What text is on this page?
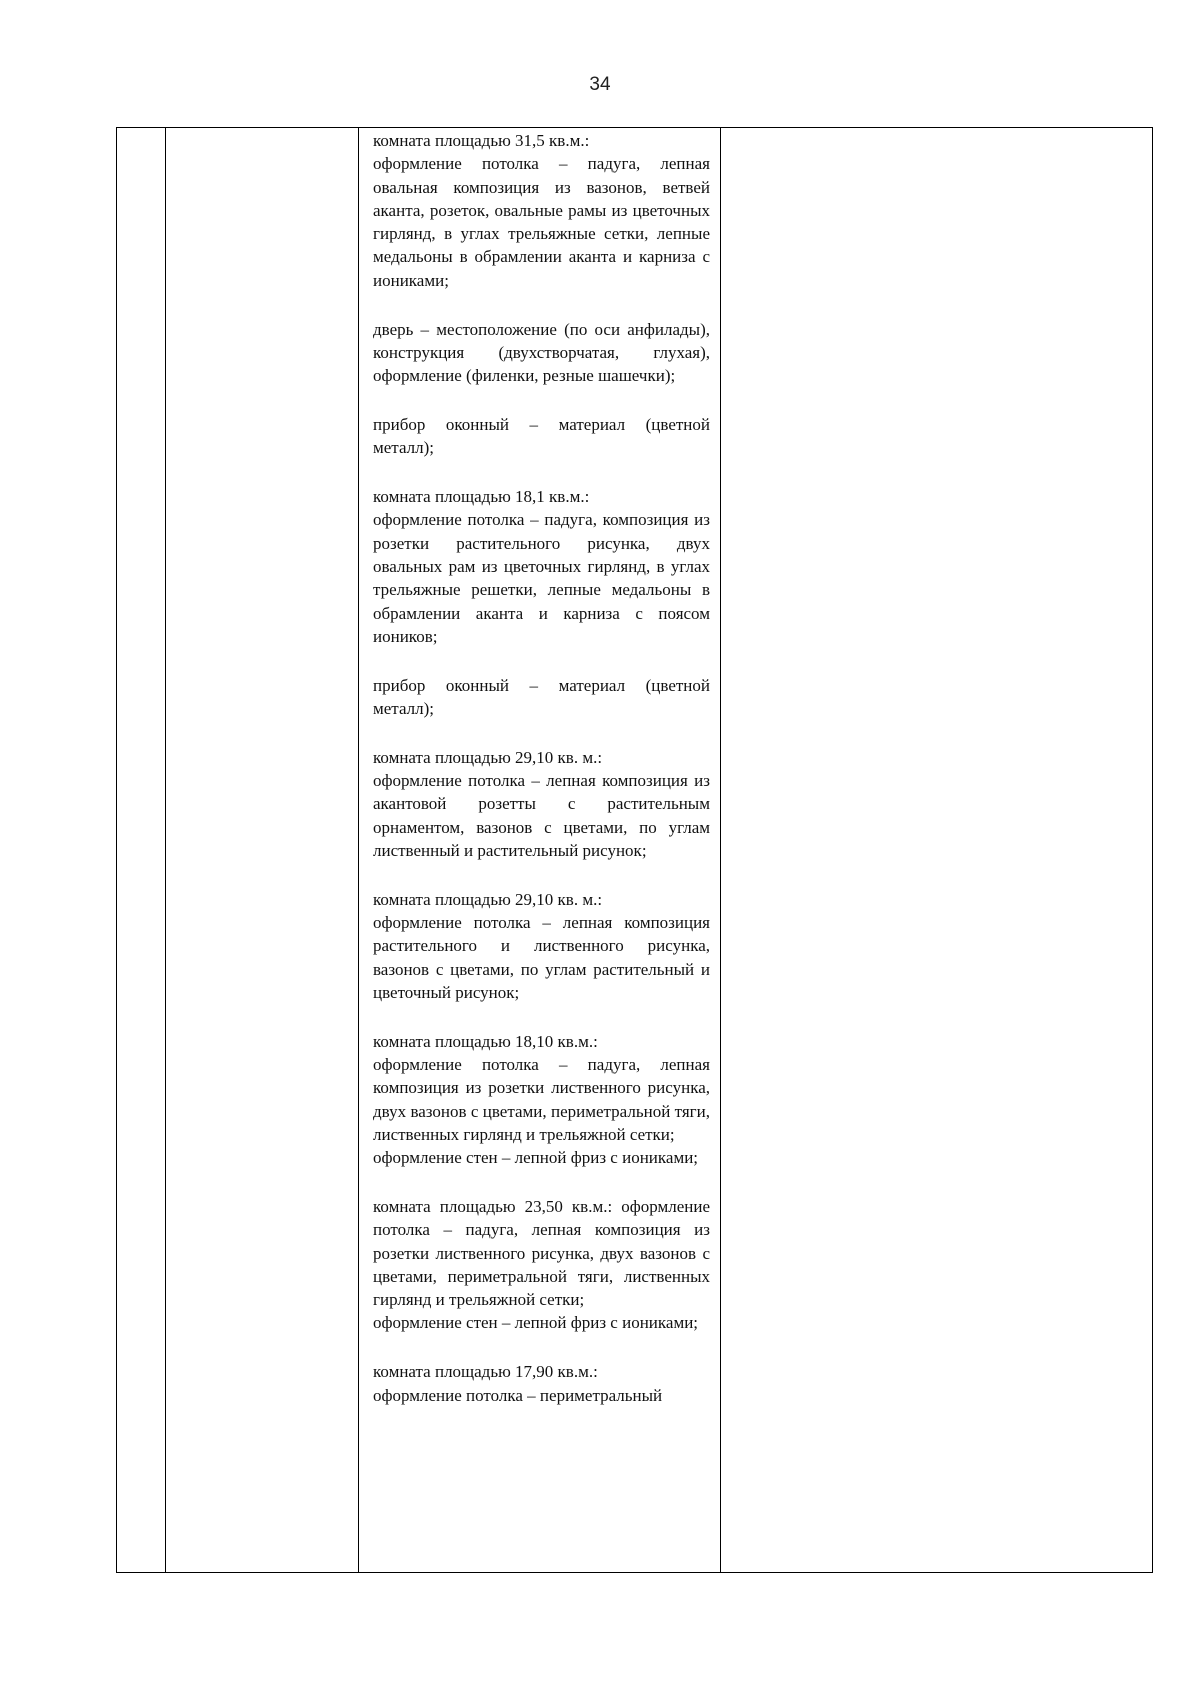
34

комната площадью 31,5 кв.м.:

оформление потолка – падуга, лепная овальная композиция из вазонов, ветвей аканта, розеток, овальные рамы из цветочных гирлянд, в углах трельяжные сетки, лепные медальоны в обрамлении аканта и карниза с иониками;

дверь – местоположение (по оси анфилады), конструкция (двухстворчатая, глухая), оформление (филенки, резные шашечки);

прибор оконный – материал (цветной металл);

комната площадью 18,1 кв.м.:

оформление потолка – падуга, композиция из розетки растительного рисунка, двух овальных рам из цветочных гирлянд, в углах трельяжные решетки, лепные медальоны в обрамлении аканта и карниза с поясом иоников;

прибор оконный – материал (цветной металл);

комната площадью 29,10 кв. м.:

оформление потолка – лепная композиция из акантовой розетты с растительным орнаментом, вазонов с цветами, по углам лиственный и растительный рисунок;

комната площадью 29,10 кв. м.:

оформление потолка – лепная композиция растительного и лиственного рисунка, вазонов с цветами, по углам растительный и цветочный рисунок;

комната площадью 18,10 кв.м.:

оформление потолка – падуга, лепная композиция из розетки лиственного рисунка, двух вазонов с цветами, периметральной тяги, лиственных гирлянд и трельяжной сетки;

оформление стен – лепной фриз с иониками;

комната площадью 23,50 кв.м.: оформление потолка – падуга, лепная композиция из розетки лиственного рисунка, двух вазонов с цветами, периметральной тяги, лиственных гирлянд и трельяжной сетки;

оформление стен – лепной фриз с иониками;

комната площадью 17,90 кв.м.:

оформление потолка – периметральный
